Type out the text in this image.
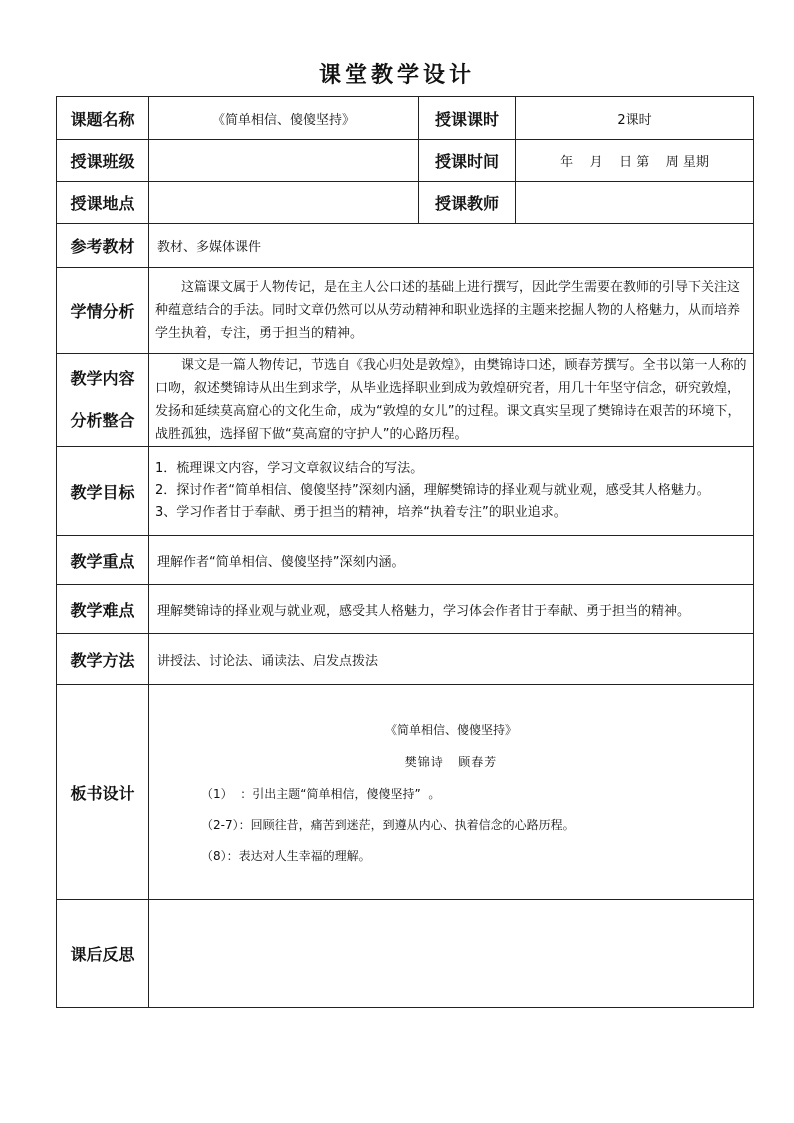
课堂教学设计
课题名称	《简单相信、傻傻坚持》	授课课时	2课时
授课班级		授课时间	年    月    日 第    周 星期
授课地点		授课教师	
参考教材	教材、多媒体课件		
学情分析	这篇课文属于人物传记，是在主人公口述的基础上进行撰写，因此学生需要在教师的引导下关注这种蕴意结合的手法。同时文章仍然可以从劳动精神和职业选择的主题来挖掘人物的人格魅力，从而培养学生执着，专注，勇于担当的精神。		

教学内容
分析整合	课文是一篇人物传记，节选自《我心归处是敦煌》，由樊锦诗口述，顾春芳撰写。全书以第一人称的口吻，叙述樊锦诗从出生到求学，从毕业选择职业到成为敦煌研究者，用几十年坚守信念，研究敦煌，发扬和延续莫高窟心的文化生命，成为“敦煌的女儿”的过程。课文真实呈现了樊锦诗在艰苦的环境下，战胜孤独，选择留下做“莫高窟的守护人”的心路历程。		
教学目标	1．梳理课文内容，学习文章叙议结合的写法。
2．探讨作者“简单相信、傻傻坚持”深刻内涵，理解樊锦诗的择业观与就业观，感受其人格魅力。
3、学习作者甘于奉献、勇于担当的精神，培养“执着专注”的职业追求。		

教学重点	理解作者“简单相信、傻傻坚持”深刻内涵。		
教学难点	理解樊锦诗的择业观与就业观，感受其人格魅力，学习体会作者甘于奉献、勇于担当的精神。		
教学方法	讲授法、讨论法、诵读法、启发点拨法		
板书设计	《简单相信、傻傻坚持》
樊锦诗   顾春芳
（1）  ：引出主题“简单相信，傻傻坚持”  。
（2-7）：回顾往昔，痛苦到迷茫，到遵从内心、执着信念的心路历程。
（8）：表达对人生幸福的理解。		

课后反思			
